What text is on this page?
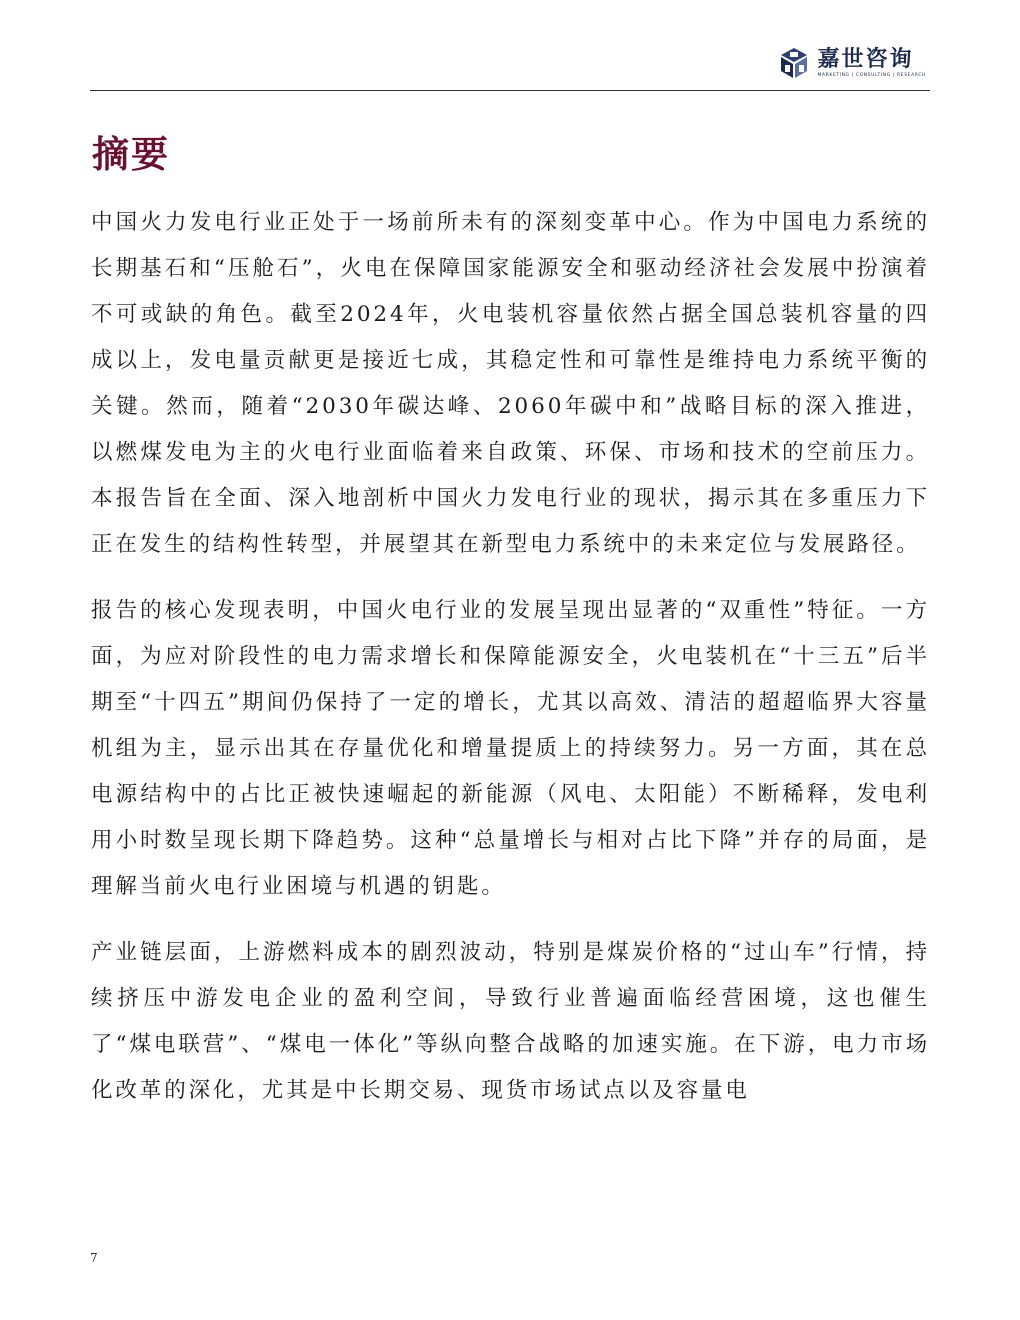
嘉世咨询
MARKETING | CONSULTING | RESEARCH
摘要

中国火力发电行业正处于一场前所未有的深刻变革中心。作为中国电力系统的长期基石和“压舱石”，火电在保障国家能源安全和驱动经济社会发展中扮演着不可或缺的角色。截至2024年，火电装机容量依然占据全国总装机容量的四成以上，发电量贡献更是接近七成，其稳定性和可靠性是维持电力系统平衡的关键。然而，随着“2030年碳达峰、2060年碳中和”战略目标的深入推进，以燃煤发电为主的火电行业面临着来自政策、环保、市场和技术的空前压力。本报告旨在全面、深入地剖析中国火力发电行业的现状，揭示其在多重压力下正在发生的结构性转型，并展望其在新型电力系统中的未来定位与发展路径。

报告的核心发现表明，中国火电行业的发展呈现出显著的“双重性”特征。一方面，为应对阶段性的电力需求增长和保障能源安全，火电装机在“十三五”后半期至“十四五”期间仍保持了一定的增长，尤其以高效、清洁的超超临界大容量机组为主，显示出其在存量优化和增量提质上的持续努力。另一方面，其在总电源结构中的占比正被快速崛起的新能源（风电、太阳能）不断稀释，发电利用小时数呈现长期下降趋势。这种“总量增长与相对占比下降”并存的局面，是理解当前火电行业困境与机遇的钥匙。

产业链层面，上游燃料成本的剧烈波动，特别是煤炭价格的“过山车”行情，持续挤压中游发电企业的盈利空间，导致行业普遍面临经营困境，这也催生了“煤电联营”、“煤电一体化”等纵向整合战略的加速实施。在下游，电力市场化改革的深化，尤其是中长期交易、现货市场试点以及容量电

7
